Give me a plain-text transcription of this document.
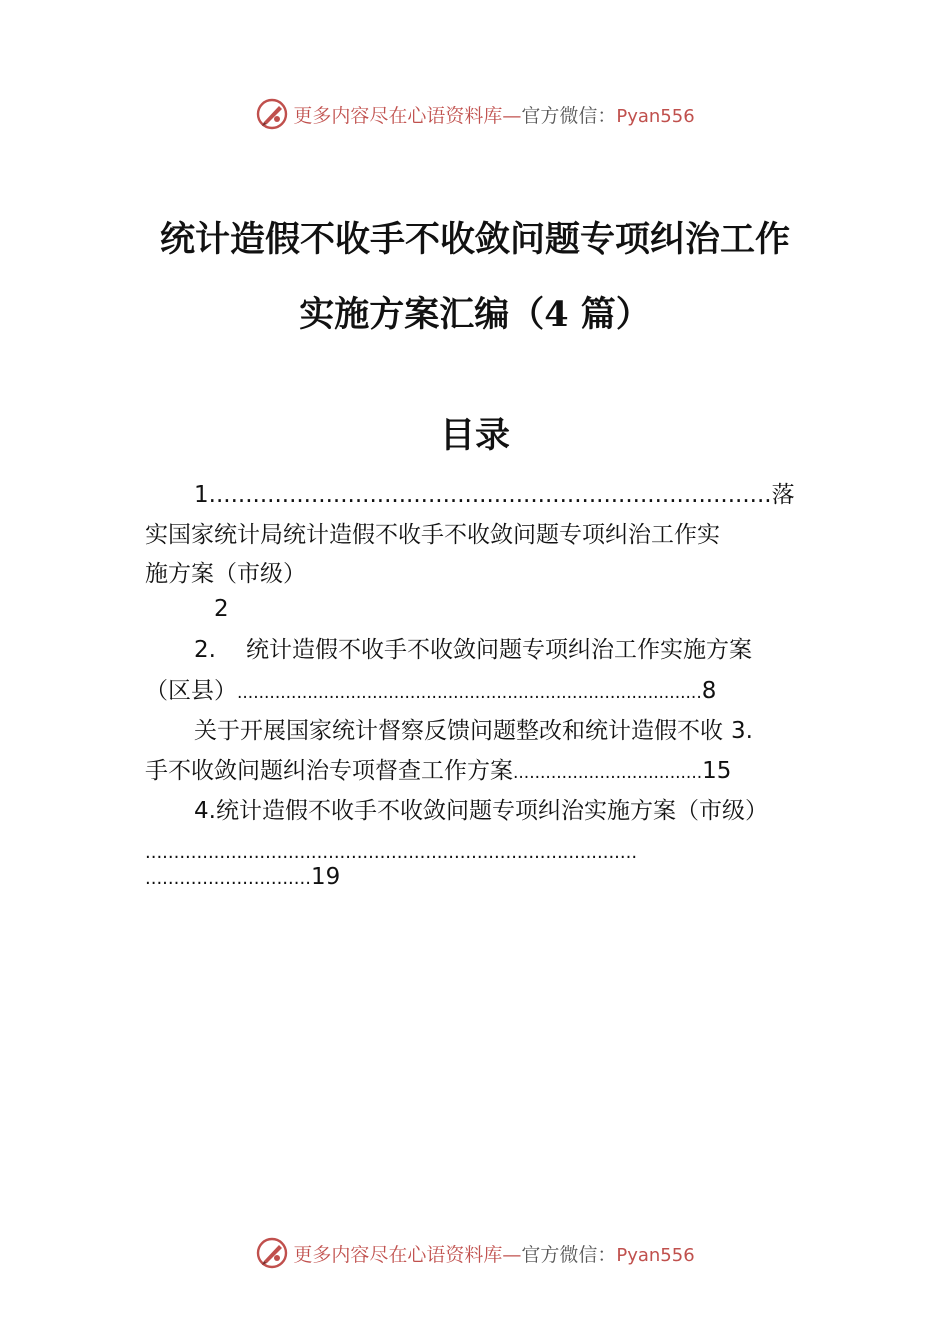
更多内容尽在心语资料库—官方微信：Pyan556
统计造假不收手不收敛问题专项纠治工作
实施方案汇编（4 篇）
目录
1.............................................................................落
实国家统计局统计造假不收手不收敛问题专项纠治工作实
施方案（市级）
2
2. 统计造假不收手不收敛问题专项纠治工作实施方案
（区县）......................................................................................8
关于开展国家统计督察反馈问题整改和统计造假不收 3.
手不收敛问题纠治专项督查工作方案...................................15
4.统计造假不收手不收敛问题专项纠治实施方案（市级）
......................................................................................
.............................19
更多内容尽在心语资料库—官方微信：Pyan556
